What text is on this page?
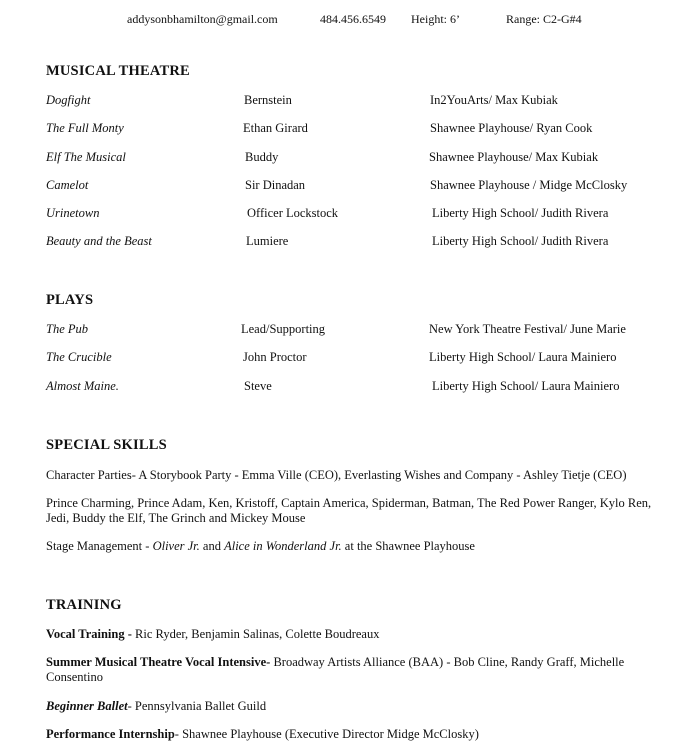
addysonbhamilton@gmail.com	484.456.6549 Height: 6’	Range: C2-G#4
MUSICAL THEATRE
Dogfight	Bernstein	In2YouArts/ Max Kubiak
The Full Monty	Ethan Girard	Shawnee Playhouse/ Ryan Cook
Elf The Musical	Buddy	Shawnee Playhouse/ Max Kubiak
Camelot	Sir Dinadan	Shawnee Playhouse / Midge McClosky
Urinetown	Officer Lockstock	Liberty High School/ Judith Rivera
Beauty and the Beast	Lumiere	Liberty High School/ Judith Rivera
PLAYS
The Pub	Lead/Supporting	New York Theatre Festival/ June Marie
The Crucible	John Proctor	Liberty High School/ Laura Mainiero
Almost Maine.	Steve	Liberty High School/ Laura Mainiero
SPECIAL SKILLS
Character Parties- A Storybook Party - Emma Ville (CEO), Everlasting Wishes and Company - Ashley Tietje (CEO)
Prince Charming, Prince Adam, Ken, Kristoff, Captain America, Spiderman, Batman, The Red Power Ranger, Kylo Ren, Jedi, Buddy the Elf, The Grinch and Mickey Mouse
Stage Management - Oliver Jr. and Alice in Wonderland Jr. at the Shawnee Playhouse
TRAINING
Vocal Training - Ric Ryder, Benjamin Salinas, Colette Boudreaux
Summer Musical Theatre Vocal Intensive- Broadway Artists Alliance (BAA) - Bob Cline, Randy Graff, Michelle Consentino
Beginner Ballet- Pennsylvania Ballet Guild
Performance Internship- Shawnee Playhouse (Executive Director Midge McClosky)
